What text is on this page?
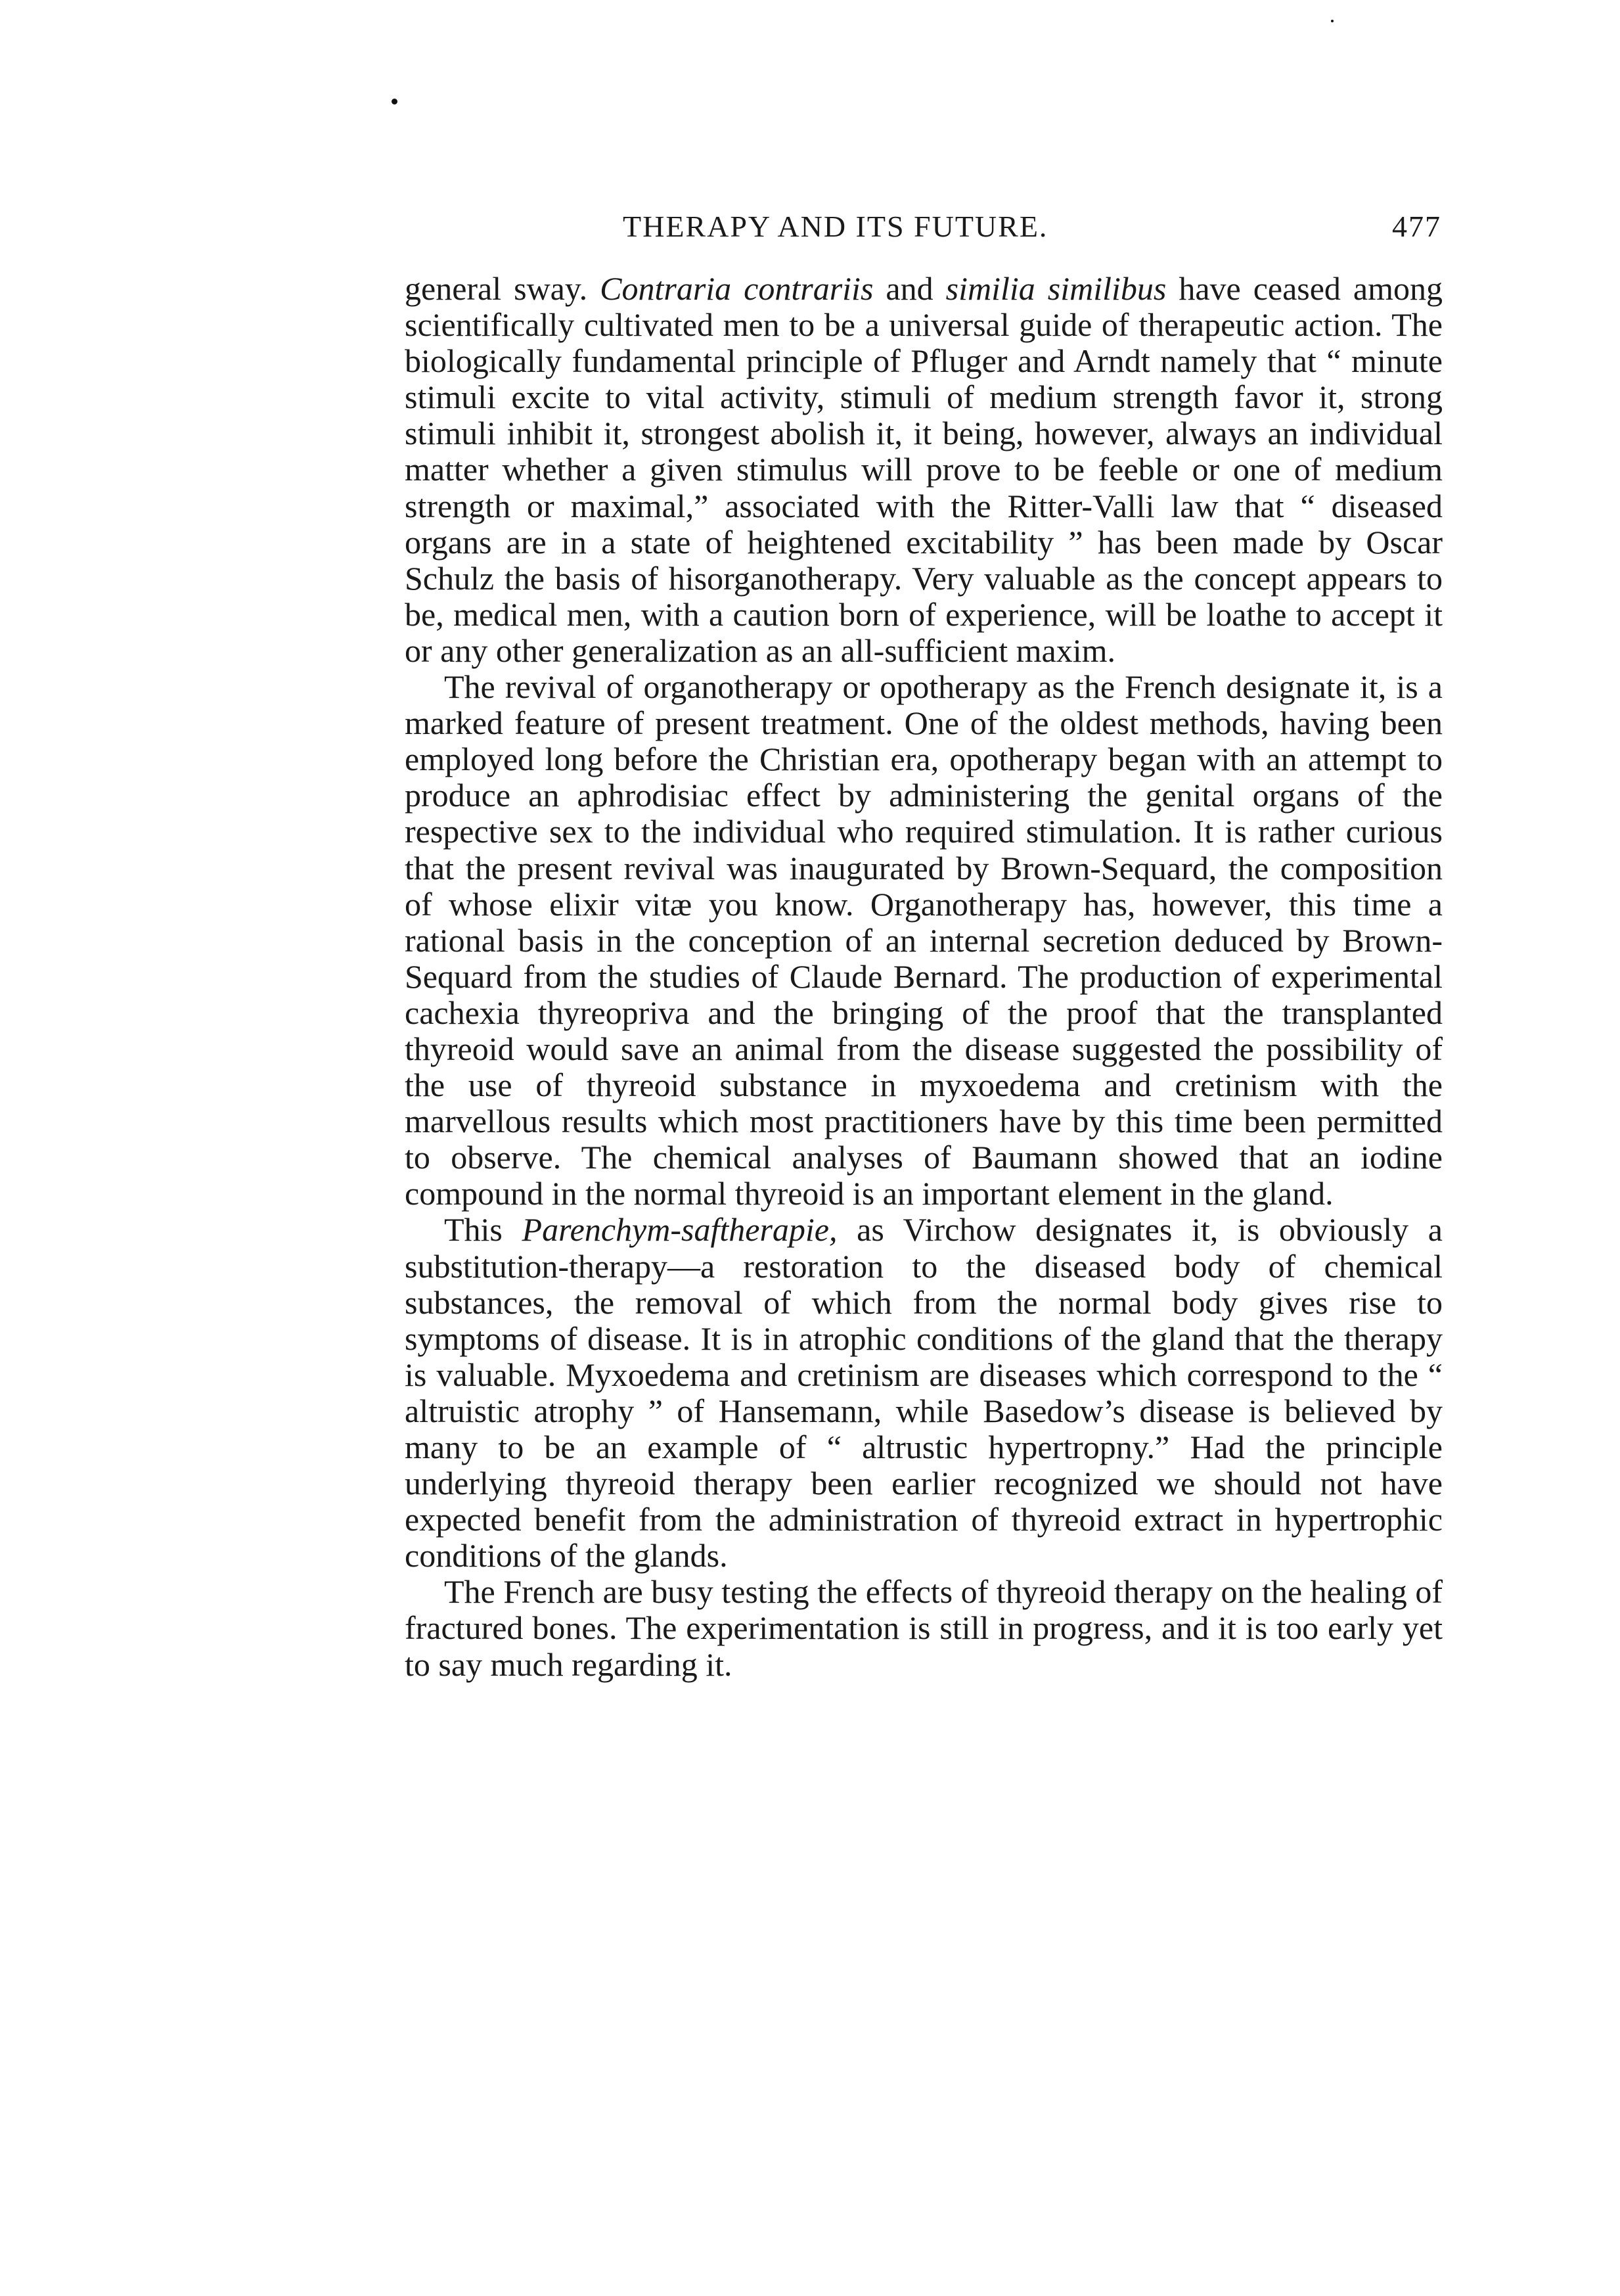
THERAPY AND ITS FUTURE.	477

general sway. Contraria contrariis and similia similibus have ceased among scientifically cultivated men to be a universal guide of therapeutic action. The biologically fundamental principle of Pfluger and Arndt namely that “ minute stimuli excite to vital activity, stimuli of medium strength favor it, strong stimuli inhibit it, strongest abolish it, it being, however, always an individual matter whether a given stimulus will prove to be feeble or one of medium strength or maximal,” associated with the Ritter-Valli law that “ diseased organs are in a state of heightened excitability ” has been made by Oscar Schulz the basis of hisorganotherapy. Very valuable as the concept appears to be, medical men, with a caution born of experience, will be loathe to accept it or any other generalization as an all-sufficient maxim.

The revival of organotherapy or opotherapy as the French designate it, is a marked feature of present treatment. One of the oldest methods, having been employed long before the Christian era, opotherapy began with an attempt to produce an aphrodisiac effect by administering the genital organs of the respective sex to the individual who required stimulation. It is rather curious that the present revival was inaugurated by Brown-Sequard, the composition of whose elixir vitæ you know. Organotherapy has, however, this time a rational basis in the conception of an internal secretion deduced by Brown-Sequard from the studies of Claude Bernard. The production of experimental cachexia thyreopriva and the bringing of the proof that the transplanted thyreoid would save an animal from the disease suggested the possibility of the use of thyreoid substance in myxoedema and cretinism with the marvellous results which most practitioners have by this time been permitted to observe. The chemical analyses of Baumann showed that an iodine compound in the normal thyreoid is an important element in the gland.

This Parenchym-saftherapie, as Virchow designates it, is obviously a substitution-therapy—a restoration to the diseased body of chemical substances, the removal of which from the normal body gives rise to symptoms of disease. It is in atrophic conditions of the gland that the therapy is valuable. Myxoedema and cretinism are diseases which correspond to the “ altruistic atrophy ” of Hansemann, while Basedow’s disease is believed by many to be an example of “ altrustic hypertropny.” Had the principle underlying thyreoid therapy been earlier recognized we should not have expected benefit from the administration of thyreoid extract in hypertrophic conditions of the glands.

The French are busy testing the effects of thyreoid therapy on the healing of fractured bones. The experimentation is still in progress, and it is too early yet to say much regarding it.
